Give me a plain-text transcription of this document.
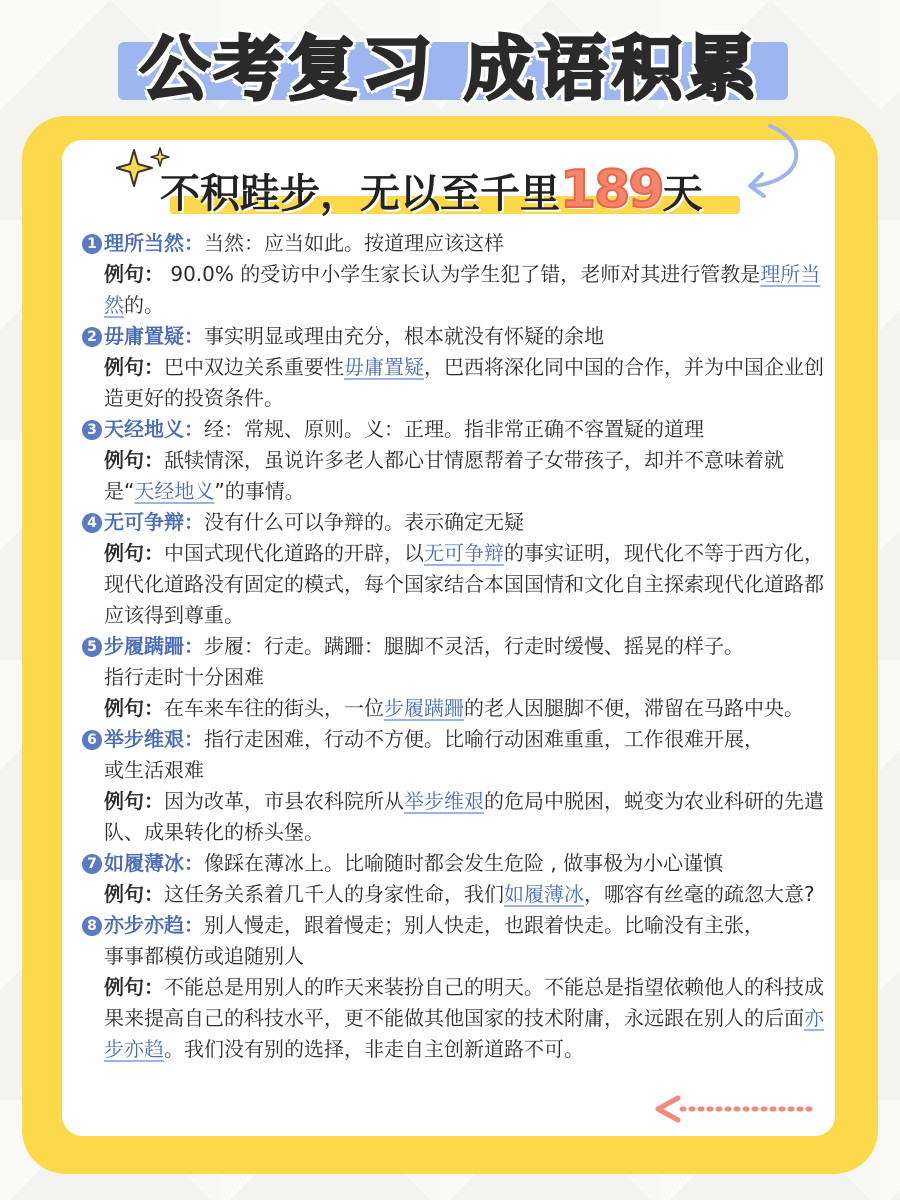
公考复习 成语积累
不积跬步，无以至千里189天
1 理所当然：当然：应当如此。按道理应该这样
例句： 90.0% 的受访中小学生家长认为学生犯了错，老师对其进行管教是理所当然的。
2 毋庸置疑：事实明显或理由充分，根本就没有怀疑的余地
例句：巴中双边关系重要性毋庸置疑，巴西将深化同中国的合作，并为中国企业创造更好的投资条件。
3 天经地义：经：常规、原则。义：正理。指非常正确不容置疑的道理
例句：舐犊情深，虽说许多老人都心甘情愿帮着子女带孩子，却并不意味着就是“天经地义”的事情。
4 无可争辩：没有什么可以争辩的。表示确定无疑
例句：中国式现代化道路的开辟，以无可争辩的事实证明，现代化不等于西方化，现代化道路没有固定的模式，每个国家结合本国国情和文化自主探索现代化道路都应该得到尊重。
5 步履蹒跚：步履：行走。蹒跚：腿脚不灵活，行走时缓慢、摇晃的样子。
指行走时十分困难
例句：在车来车往的街头，一位步履蹒跚的老人因腿脚不便，滞留在马路中央。
6 举步维艰：指行走困难，行动不方便。比喻行动困难重重，工作很难开展，
或生活艰难
例句：因为改革，市县农科院所从举步维艰的危局中脱困，蜕变为农业科研的先遣队、成果转化的桥头堡。
7 如履薄冰：像踩在薄冰上。比喻随时都会发生危险 , 做事极为小心谨慎
例句：这任务关系着几千人的身家性命，我们如履薄冰，哪容有丝毫的疏忽大意?
8 亦步亦趋：别人慢走，跟着慢走；别人快走，也跟着快走。比喻没有主张，
事事都模仿或追随别人
例句：不能总是用别人的昨天来装扮自己的明天。不能总是指望依赖他人的科技成果来提高自己的科技水平，更不能做其他国家的技术附庸，永远跟在别人的后面亦步亦趋。我们没有别的选择，非走自主创新道路不可。
